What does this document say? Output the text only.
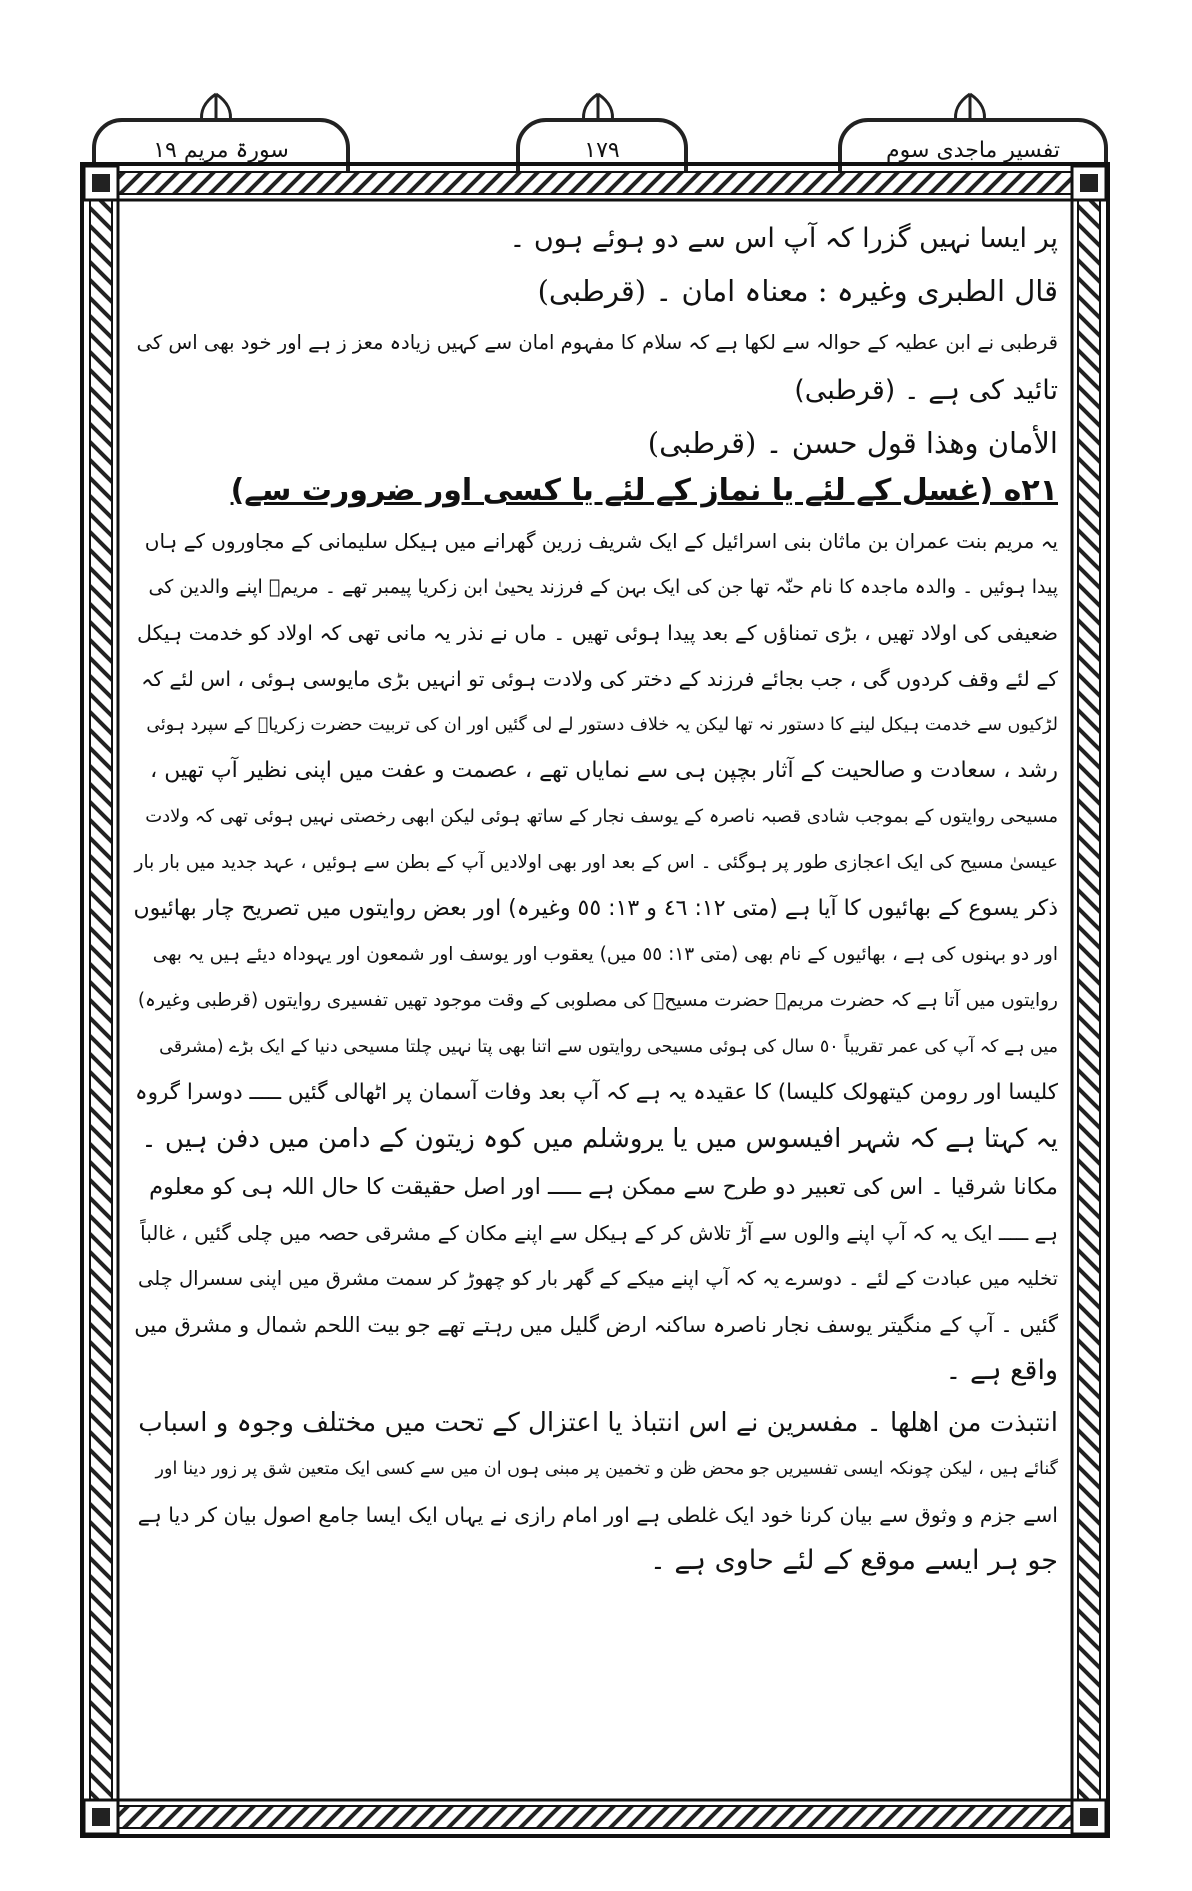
سورۃ مریم ١٩	١٧٩	تفسیر ماجدی سوم
پر ایسا نہیں گزرا کہ آپ اس سے دو ہوئے ہوں ۔
قال الطبری وغیرہ : معناہ امان ۔ (قرطبی)
قرطبی نے ابن عطیہ کے حوالہ سے لکھا ہے کہ سلام کا مفہوم امان سے کہیں زیادہ معز ز ہے اور خود بھی اس کی
تائید کی ہے ۔ (قرطبی)
الأمان وھذا قول حسن ۔ (قرطبی)
٢١ه (غسل کے لئے یا نماز کے لئے یا کسی اور ضرورت سے)
یہ مریم بنت عمران بن ماثان بنی اسرائیل کے ایک شریف زرین گھرانے میں ہیکل سلیمانی کے مجاوروں کے ہاں
پیدا ہوئیں ۔ والدہ ماجدہ کا نام حنّہ تھا جن کی ایک بہن کے فرزند یحییٰ ابن زکریا پیمبر تھے ۔ مریمؑ اپنے والدین کی
ضعیفی کی اولاد تھیں ، بڑی تمناؤں کے بعد پیدا ہوئی تھیں ۔ ماں نے نذر یہ مانی تھی کہ اولاد کو خدمت ہیکل
کے لئے وقف کردوں گی ، جب بجائے فرزند کے دختر کی ولادت ہوئی تو انہیں بڑی مایوسی ہوئی ، اس لئے کہ
لڑکیوں سے خدمت ہیکل لینے کا دستور نہ تھا لیکن یہ خلاف دستور لے لی گئیں اور ان کی تربیت حضرت زکریاؑ کے سپرد ہوئی
رشد ، سعادت و صالحیت کے آثار بچپن ہی سے نمایاں تھے ، عصمت و عفت میں اپنی نظیر آپ تھیں ،
مسیحی روایتوں کے بموجب شادی قصبہ ناصرہ کے یوسف نجار کے ساتھ ہوئی لیکن ابھی رخصتی نہیں ہوئی تھی کہ ولادت
عیسیٰ مسیح کی ایک اعجازی طور پر ہوگئی ۔ اس کے بعد اور بھی اولادیں آپ کے بطن سے ہوئیں ، عہد جدید میں بار بار
ذکر یسوع کے بھائیوں کا آیا ہے (متی ١٢: ٤٦ و ١٣: ٥٥ وغیرہ) اور بعض روایتوں میں تصریح چار بھائیوں
اور دو بہنوں کی ہے ، بھائیوں کے نام بھی (متی ١٣: ٥٥ میں) یعقوب اور یوسف اور شمعون اور یہوداہ دیئے ہیں یہ بھی
روایتوں میں آتا ہے کہ حضرت مریمؑ حضرت مسیحؑ کی مصلوبی کے وقت موجود تھیں تفسیری روایتوں (قرطبی وغیرہ)
میں ہے کہ آپ کی عمر تقریباً ٥٠ سال کی ہوئی مسیحی روایتوں سے اتنا بھی پتا نہیں چلتا مسیحی دنیا کے ایک بڑے (مشرقی
کلیسا اور رومن کیتھولک کلیسا) کا عقیدہ یہ ہے کہ آپ بعد وفات آسمان پر اٹھالی گئیں ـــــ دوسرا گروہ
یہ کہتا ہے کہ شہر افیسوس میں یا یروشلم میں کوہ زیتون کے دامن میں دفن ہیں ۔
مکانا شرقیا ۔ اس کی تعبیر دو طرح سے ممکن ہے ـــــ اور اصل حقیقت کا حال اللہ ہی کو معلوم
ہے ـــــ ایک یہ کہ آپ اپنے والوں سے آڑ تلاش کر کے ہیکل سے اپنے مکان کے مشرقی حصہ میں چلی گئیں ، غالباً
تخلیہ میں عبادت کے لئے ۔ دوسرے یہ کہ آپ اپنے میکے کے گھر بار کو چھوڑ کر سمت مشرق میں اپنی سسرال چلی
گئیں ۔ آپ کے منگیتر یوسف نجار ناصرہ ساکنہ ارض گلیل میں رہتے تھے جو بیت اللحم شمال و مشرق میں
واقع ہے ۔
انتبذت من اھلھا ۔ مفسرین نے اس انتباذ یا اعتزال کے تحت میں مختلف وجوہ و اسباب
گنائے ہیں ، لیکن چونکہ ایسی تفسیریں جو محض ظن و تخمین پر مبنی ہوں ان میں سے کسی ایک متعین شق پر زور دینا اور
اسے جزم و وثوق سے بیان کرنا خود ایک غلطی ہے اور امام رازی نے یہاں ایک ایسا جامع اصول بیان کر دیا ہے
جو ہر ایسے موقع کے لئے حاوی ہے ۔
